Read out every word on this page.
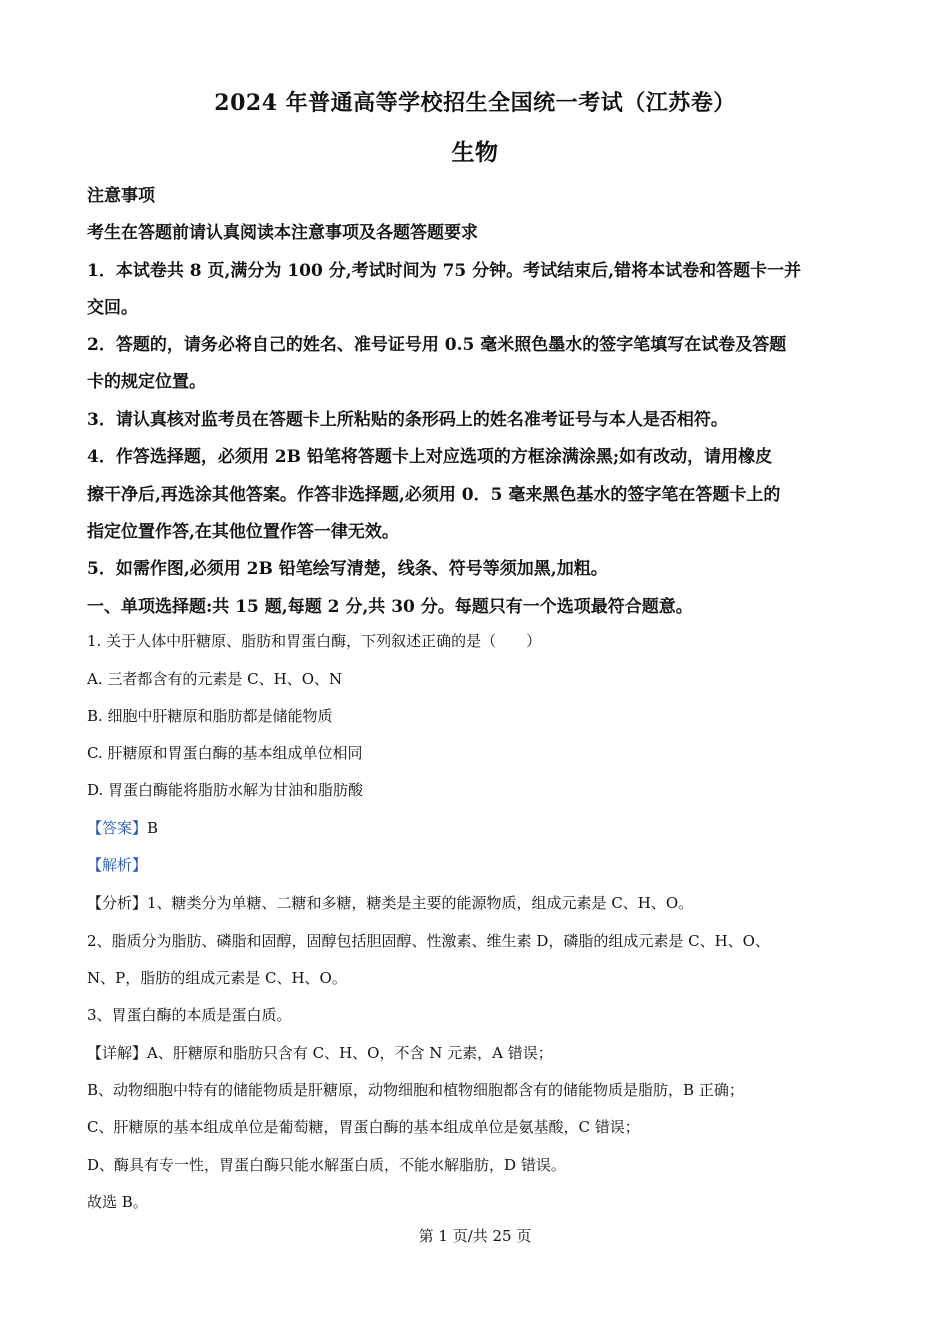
2024 年普通高等学校招生全国统一考试（江苏卷）
生物
注意事项
考生在答题前请认真阅读本注意事项及各题答题要求
1．本试卷共 8 页,满分为 100 分,考试时间为 75 分钟。考试结束后,错将本试卷和答题卡一并
交回。
2．答题的，请务必将自己的姓名、准号证号用 0.5 毫米照色墨水的签字笔填写在试卷及答题
卡的规定位置。
3．请认真核对监考员在答题卡上所粘贴的条形码上的姓名准考证号与本人是否相符。
4．作答选择题，必须用 2B 铅笔将答题卡上对应选项的方框涂满涂黑;如有改动，请用橡皮
擦干净后,再选涂其他答案。作答非选择题,必须用 0．5 毫来黑色基水的签字笔在答题卡上的
指定位置作答,在其他位置作答一律无效。
5．如需作图,必须用 2B 铅笔绘写清楚，线条、符号等须加黑,加粗。
一、单项选择题:共 15 题,每题 2 分,共 30 分。每题只有一个选项最符合题意。
1. 关于人体中肝糖原、脂肪和胃蛋白酶，下列叙述正确的是（　　）
A. 三者都含有的元素是 C、H、O、N
B. 细胞中肝糖原和脂肪都是储能物质
C. 肝糖原和胃蛋白酶的基本组成单位相同
D. 胃蛋白酶能将脂肪水解为甘油和脂肪酸
【答案】B
【解析】
【分析】1、糖类分为单糖、二糖和多糖，糖类是主要的能源物质，组成元素是 C、H、O。
2、脂质分为脂肪、磷脂和固醇，固醇包括胆固醇、性激素、维生素 D，磷脂的组成元素是 C、H、O、
N、P，脂肪的组成元素是 C、H、O。
3、胃蛋白酶的本质是蛋白质。
【详解】A、肝糖原和脂肪只含有 C、H、O，不含 N 元素，A 错误；
B、动物细胞中特有的储能物质是肝糖原，动物细胞和植物细胞都含有的储能物质是脂肪，B 正确；
C、肝糖原的基本组成单位是葡萄糖，胃蛋白酶的基本组成单位是氨基酸，C 错误；
D、酶具有专一性，胃蛋白酶只能水解蛋白质，不能水解脂肪，D 错误。
故选 B。
第 1 页/共 25 页
